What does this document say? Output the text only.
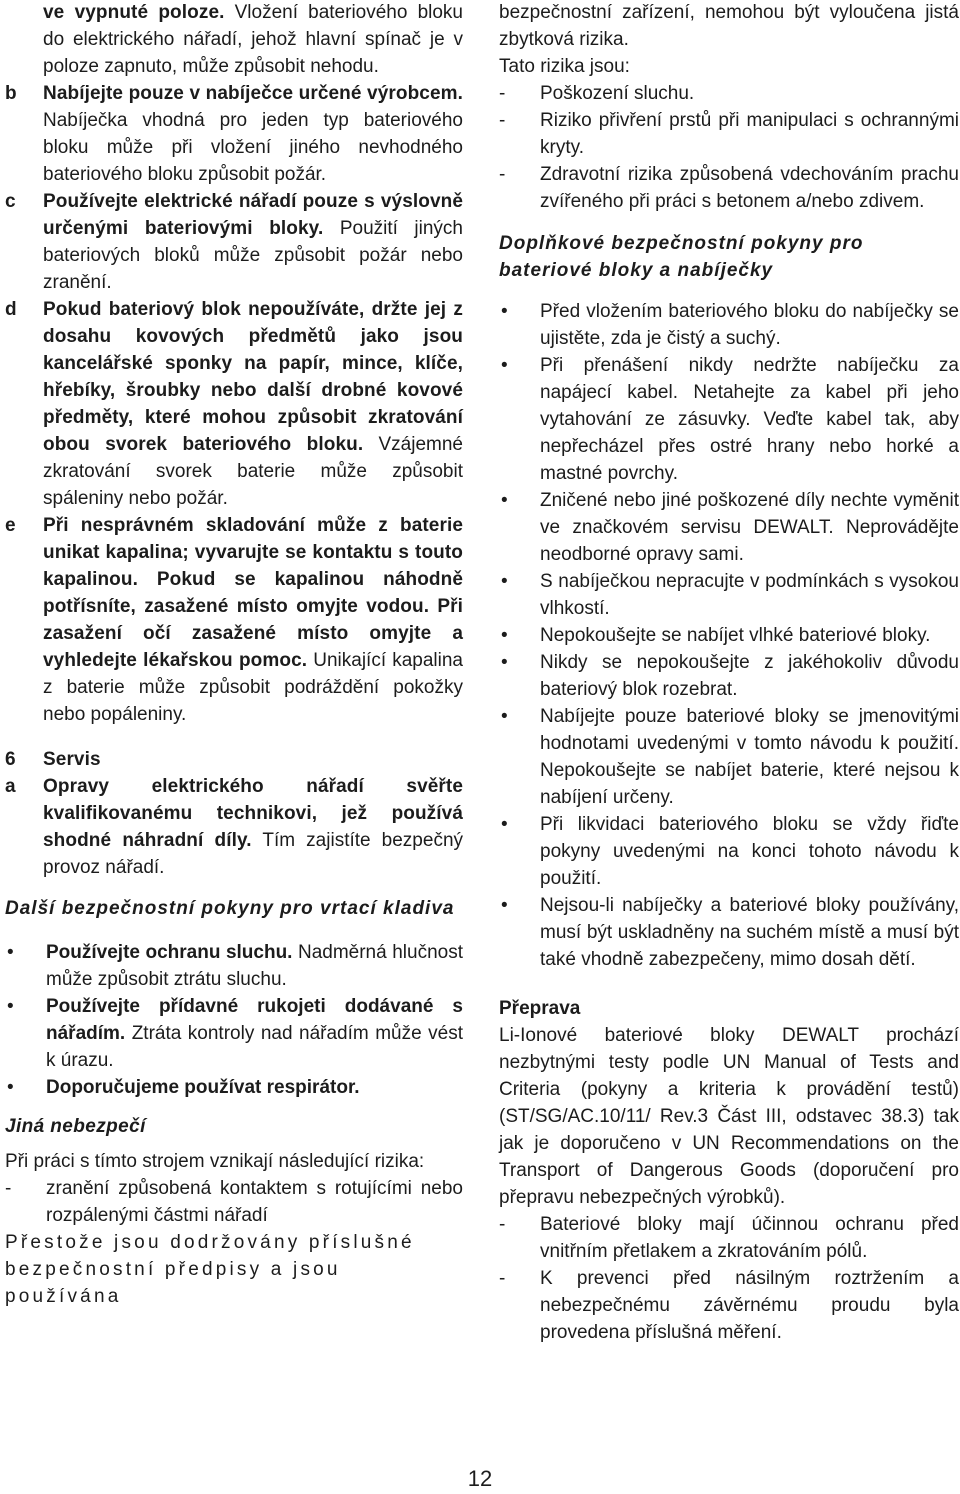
ve vypnuté poloze. Vložení bateriového bloku do elektrického nářadí, jehož hlavní spínač je v poloze zapnuto, může způsobit nehodu.
b Nabíjejte pouze v nabíječce určené výrobcem. Nabíječka vhodná pro jeden typ bateriového bloku může při vložení jiného nevhodného bateriového bloku způsobit požár.
c Používejte elektrické nářadí pouze s výslovně určenými bateriovými bloky. Použití jiných bateriových bloků může způsobit požár nebo zranění.
d Pokud bateriový blok nepoužíváte, držte jej z dosahu kovových předmětů jako jsou kancelářské sponky na papír, mince, klíče, hřebíky, šroubky nebo další drobné kovové předměty, které mohou způsobit zkratování obou svorek bateriového bloku. Vzájemné zkratování svorek baterie může způsobit spáleniny nebo požár.
e Při nesprávném skladování může z baterie unikat kapalina; vyvarujte se kontaktu s touto kapalinou. Pokud se kapalinou náhodně potřísníte, zasažené místo omyjte vodou. Při zasažení očí zasažené místo omyjte a vyhledejte lékařskou pomoc. Unikající kapalina z baterie může způsobit podráždění pokožky nebo popáleniny.
6 Servis
a Opravy elektrického nářadí svěřte kvalifikovanému technikovi, jež používá shodné náhradní díly. Tím zajistíte bezpečný provoz nářadí.
Další bezpečnostní pokyny pro vrtací kladiva
• Používejte ochranu sluchu. Nadměrná hlučnost může způsobit ztrátu sluchu.
• Používejte přídavné rukojeti dodávané s nářadím. Ztráta kontroly nad nářadím může vést k úrazu.
• Doporučujeme používat respirátor.
Jiná nebezpečí
Při práci s tímto strojem vznikají následující rizika:
- zranění způsobená kontaktem s rotujícími nebo rozpálenými částmi nářadí
Přestože jsou dodržovány příslušné bezpečnostní předpisy a jsou používána
bezpečnostní zařízení, nemohou být vyloučena jistá zbytková rizika.
Tato rizika jsou:
- Poškození sluchu.
- Riziko přivření prstů při manipulaci s ochrannými kryty.
- Zdravotní rizika způsobená vdechováním prachu zvířeného při práci s betonem a/nebo zdivem.
Doplňkové bezpečnostní pokyny pro bateriové bloky a nabíječky
• Před vložením bateriového bloku do nabíječky se ujistěte, zda je čistý a suchý.
• Při přenášení nikdy nedržte nabíječku za napájecí kabel. Netahejte za kabel při jeho vytahování ze zásuvky. Veďte kabel tak, aby nepřecházel přes ostré hrany nebo horké a mastné povrchy.
• Zničené nebo jiné poškozené díly nechte vyměnit ve značkovém servisu DEWALT. Neprovádějte neodborné opravy sami.
• S nabíječkou nepracujte v podmínkách s vysokou vlhkostí.
• Nepokoušejte se nabíjet vlhké bateriové bloky.
• Nikdy se nepokoušejte z jakéhokoliv důvodu bateriový blok rozebrat.
• Nabíjejte pouze bateriové bloky se jmenovitými hodnotami uvedenými v tomto návodu k použití. Nepokoušejte se nabíjet baterie, které nejsou k nabíjení určeny.
• Při likvidaci bateriového bloku se vždy řiďte pokyny uvedenými na konci tohoto návodu k použití.
• Nejsou-li nabíječky a bateriové bloky používány, musí být uskladněny na suchém místě a musí být také vhodně zabezpečeny, mimo dosah dětí.
Přeprava
Li-Ionové bateriové bloky DEWALT prochází nezbytnými testy podle UN Manual of Tests and Criteria (pokyny a kriteria k provádění testů) (ST/SG/AC.10/11/ Rev.3 Část III, odstavec 38.3) tak jak je doporučeno v UN Recommendations on the Transport of Dangerous Goods (doporučení pro přepravu nebezpečných výrobků).
- Bateriové bloky mají účinnou ochranu před vnitřním přetlakem a zkratováním pólů.
- K prevenci před násilným roztržením a nebezpečnému závěrnému proudu byla provedena příslušná měření.
12
